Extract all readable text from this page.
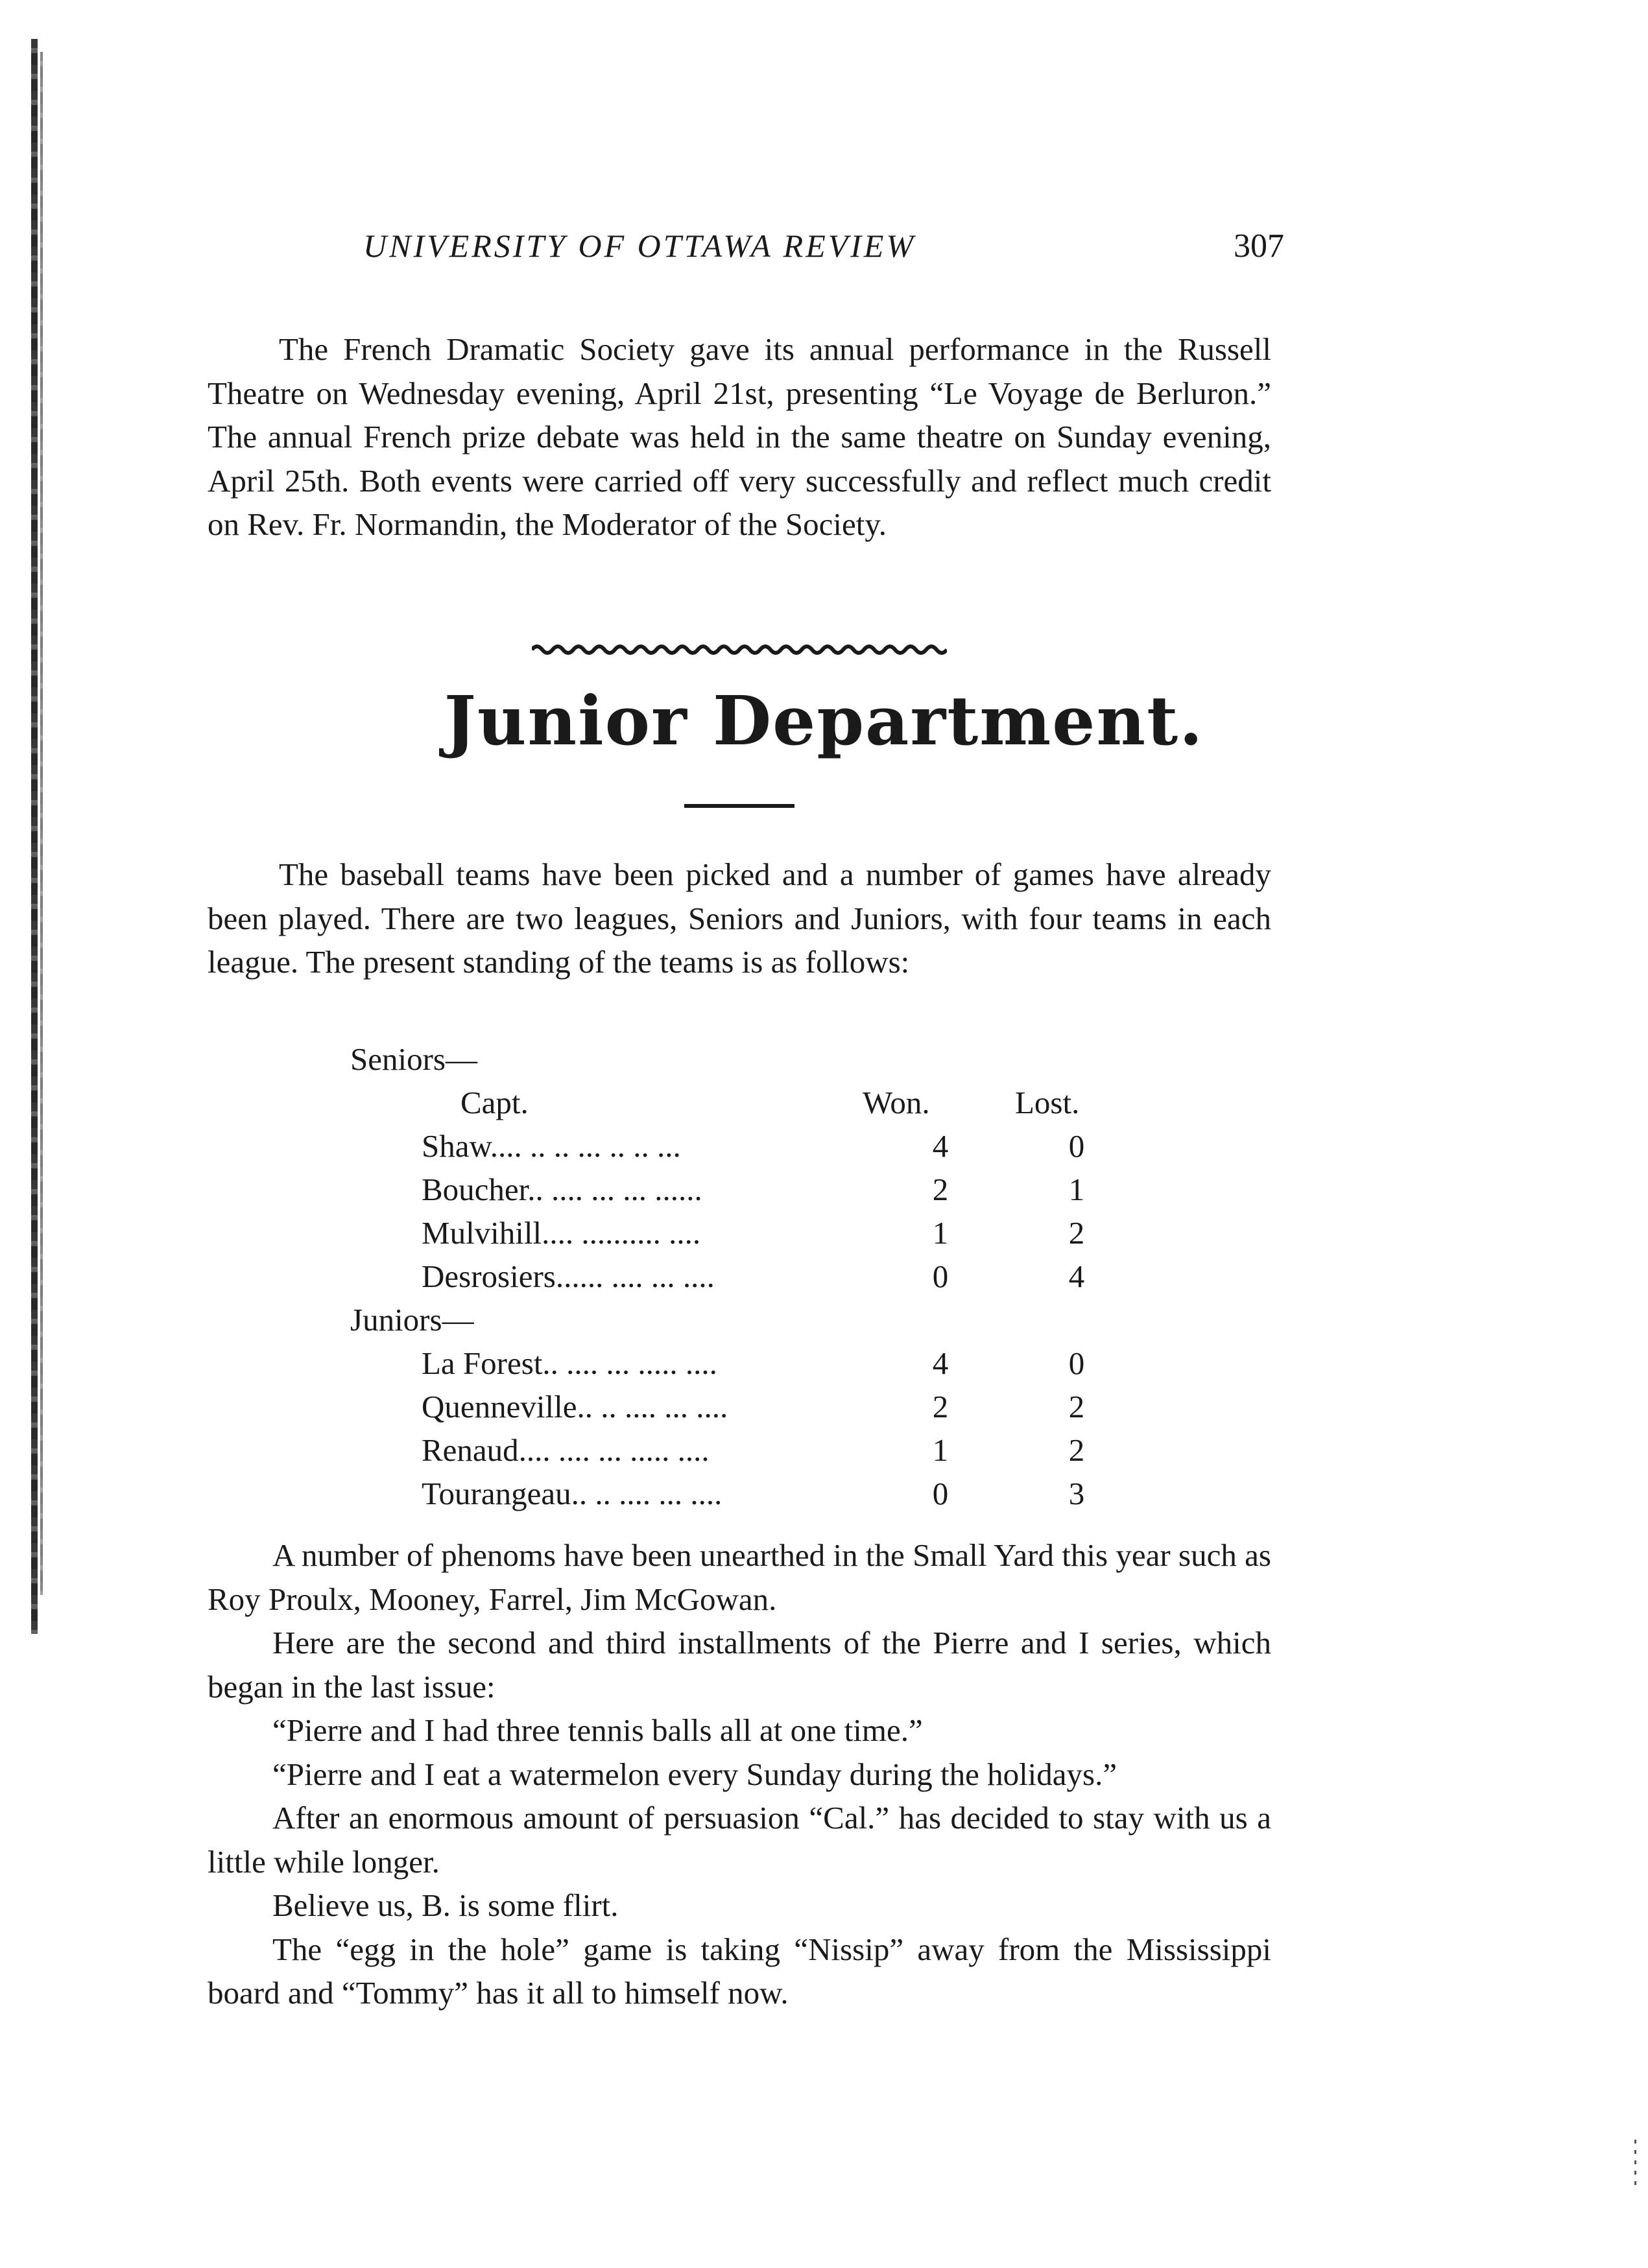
UNIVERSITY OF OTTAWA REVIEW	307

The French Dramatic Society gave its annual performance in the Russell Theatre on Wednesday evening, April 21st, presenting “Le Voyage de Berluron.” The annual French prize debate was held in the same theatre on Sunday evening, April 25th. Both events were carried off very successfully and reflect much credit on Rev. Fr. Normandin, the Moderator of the Society.

Junior Department.

The baseball teams have been picked and a number of games have already been played. There are two leagues, Seniors and Juniors, with four teams in each league. The present standing of the teams is as follows:

Seniors—
Capt.	Won.	Lost.
Shaw.... .. .. ... .. .. ...	4	0
Boucher.. .... ... ... ......	2	1
Mulvihill.... .......... ....	1	2
Desrosiers...... .... ... ....	0	4
Juniors—
La Forest.. .... ... ..... ....	4	0
Quenneville.. .. .... ... ....	2	2
Renaud.... .... ... ..... ....	1	2
Tourangeau.. .. .... ... ....	0	3

A number of phenoms have been unearthed in the Small Yard this year such as Roy Proulx, Mooney, Farrel, Jim McGowan.

Here are the second and third installments of the Pierre and I series, which began in the last issue:

“Pierre and I had three tennis balls all at one time.”

“Pierre and I eat a watermelon every Sunday during the holidays.”

After an enormous amount of persuasion “Cal.” has decided to stay with us a little while longer.

Believe us, B. is some flirt.

The “egg in the hole” game is taking “Nissip” away from the Mississippi board and “Tommy” has it all to himself now.
